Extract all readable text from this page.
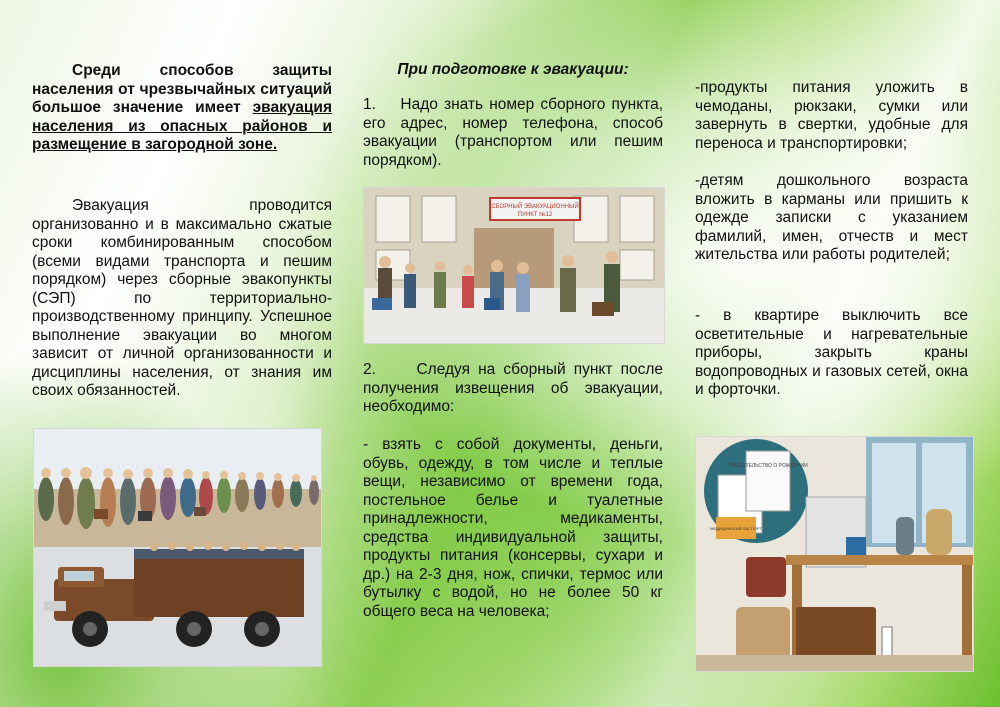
Среди способов защиты населения от чрезвычайных ситуаций большое значение имеет эвакуация населения из опасных районов и размещение в загородной зоне.

Эвакуация проводится организованно и в максимально сжатые сроки комбинированным способом (всеми видами транспорта и пешим порядком) через сборные эвакопункты (СЭП) по территориально-производственному принципу. Успешное выполнение эвакуации во многом зависит от личной организованности и дисциплины населения, от знания им своих обязанностей.

При подготовке к эвакуации:

1.    Надо знать номер сборного пункта, его адрес, номер телефона, способ эвакуации (транспортом или пешим порядком).

2.     Следуя на сборный пункт после получения извещения об эвакуации, необходимо:

- взять с собой документы, деньги, обувь, одежду, в том числе и теплые вещи, независимо от времени года, постельное белье и туалетные принадлежности, медикаменты, средства индивидуальной защиты, продукты питания (консервы, сухари и др.) на 2-3 дня, нож, спички, термос или бутылку с водой, но не более 50 кг общего веса на человека;

СБОРНЫЙ ЭВАКУАЦИОННЫЙ
ПУНКТ №12

-продукты питания уложить в чемоданы, рюкзаки, сумки или завернуть в свертки, удобные для переноса и транспортировки;

-детям дошкольного возраста вложить в карманы или пришить к одежде записки с указанием фамилий, имен, отчеств и мест жительства или работы родителей;

- в квартире выключить все осветительные и нагревательные приборы, закрыть краны водопроводных и газовых сетей, окна и форточки.

СВИДЕТЕЛЬСТВО О РОЖДЕНИИ
МЕДИЦИНСКИЙ ПАСПОРТ
